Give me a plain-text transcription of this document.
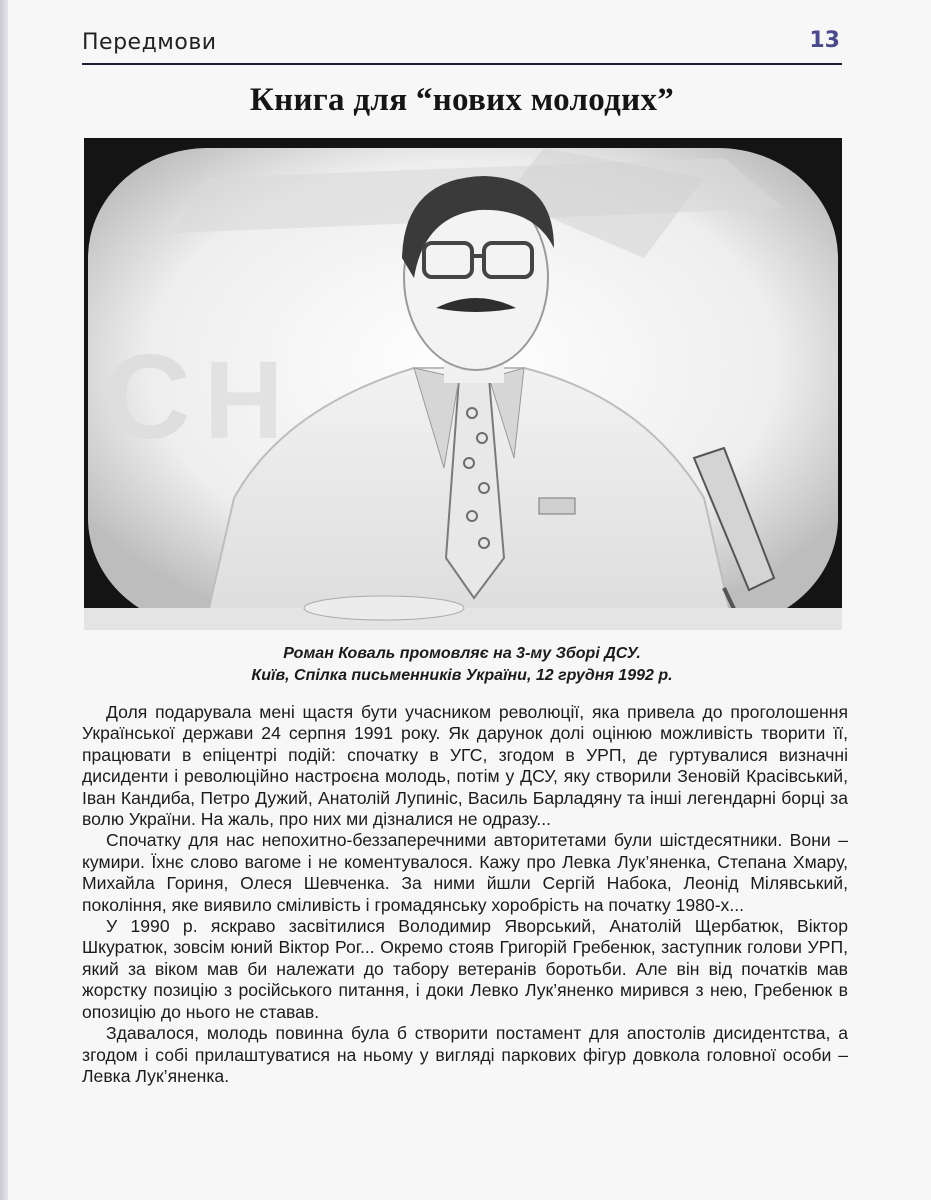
Передмови	13
Книга для “нових молодих”
C Н
Роман Коваль промовляє на 3-му Зборі ДСУ.
Київ, Спілка письменників України, 12 грудня 1992 р.

Доля подарувала мені щастя бути учасником революції, яка привела до проголошення Української держави 24 серпня 1991 року. Як дарунок долі оцінюю можливість творити її, працювати в епіцентрі подій: спочатку в УГС, згодом в УРП, де гуртувалися визначні дисиденти і революційно настроєна молодь, потім у ДСУ, яку створили Зеновій Красівський, Іван Кандиба, Петро Дужий, Анатолій Лупиніс, Василь Барладяну та інші легендарні борці за волю України. На жаль, про них ми дізналися не одразу...

Спочатку для нас непохитно-беззаперечними авторитетами були шістдесятники. Вони – кумири. Їхнє слово вагоме і не коментувалося. Кажу про Левка Лук’яненка, Степана Хмару, Михайла Гориня, Олеся Шевченка. За ними йшли Сергій Набока, Леонід Мілявський, покоління, яке виявило сміливість і громадянську хоробрість на початку 1980-х...

У 1990 р. яскраво засвітилися Володимир Яворський, Анатолій Щербатюк, Віктор Шкуратюк, зовсім юний Віктор Рог... Окремо стояв Григорій Гребенюк, заступник голови УРП, який за віком мав би належати до табору ветеранів боротьби. Але він від початків мав жорстку позицію з російського питання, і доки Левко Лук’яненко мирився з нею, Гребенюк в опозицію до нього не ставав.

Здавалося, молодь повинна була б створити постамент для апостолів дисидентства, а згодом і собі прилаштуватися на ньому у вигляді паркових фігур довкола головної особи – Левка Лук’яненка.
